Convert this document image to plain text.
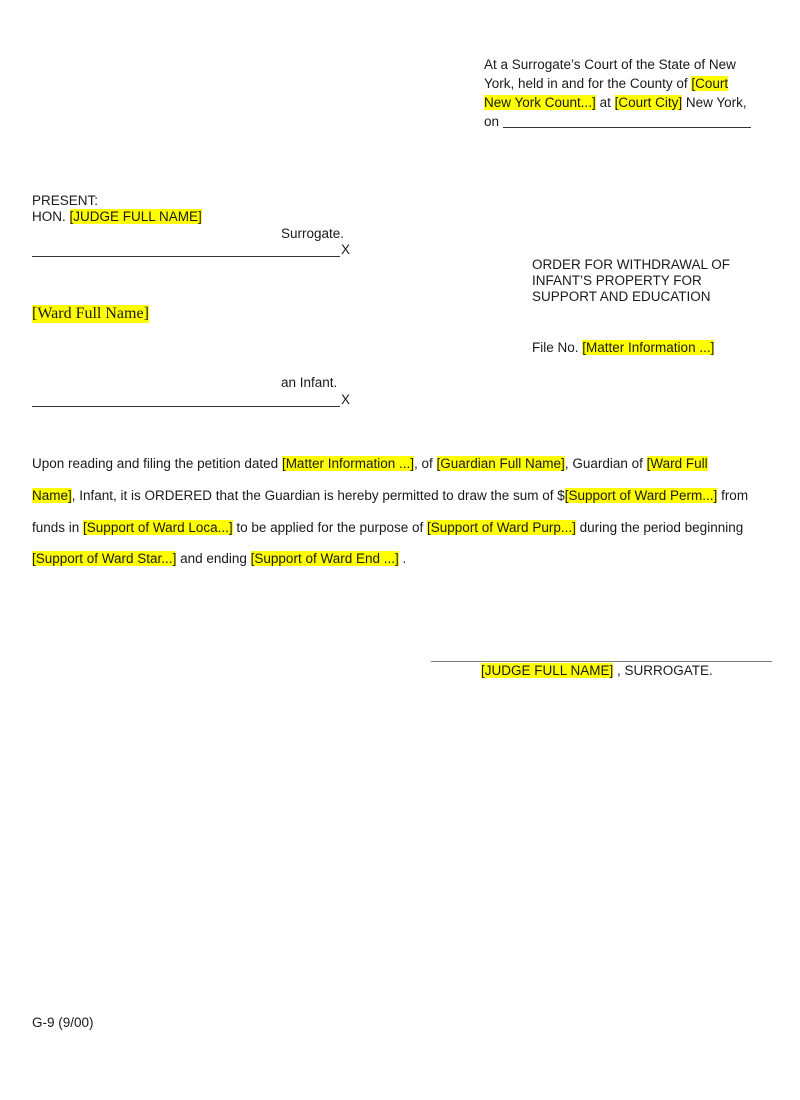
At a Surrogate’s Court of the State of New
York, held in and for the County of [Court
New York Count...] at [Court City] New York,
on
PRESENT:
HON. [JUDGE FULL NAME]
Surrogate.
X
[Ward Full Name]
ORDER FOR WITHDRAWAL OF
INFANT’S PROPERTY FOR
SUPPORT AND EDUCATION
File No. [Matter Information ...]
an Infant.
X
Upon reading and filing the petition dated [Matter Information ...], of [Guardian Full Name], Guardian of [Ward Full
Name], Infant, it is ORDERED that the Guardian is hereby permitted to draw the sum of $[Support of Ward Perm...] from
funds in [Support of Ward Loca...] to be applied for the purpose of [Support of Ward Purp...] during the period beginning
[Support of Ward Star...] and ending [Support of Ward End ...] .
[JUDGE FULL NAME] , SURROGATE.
G-9 (9/00)
